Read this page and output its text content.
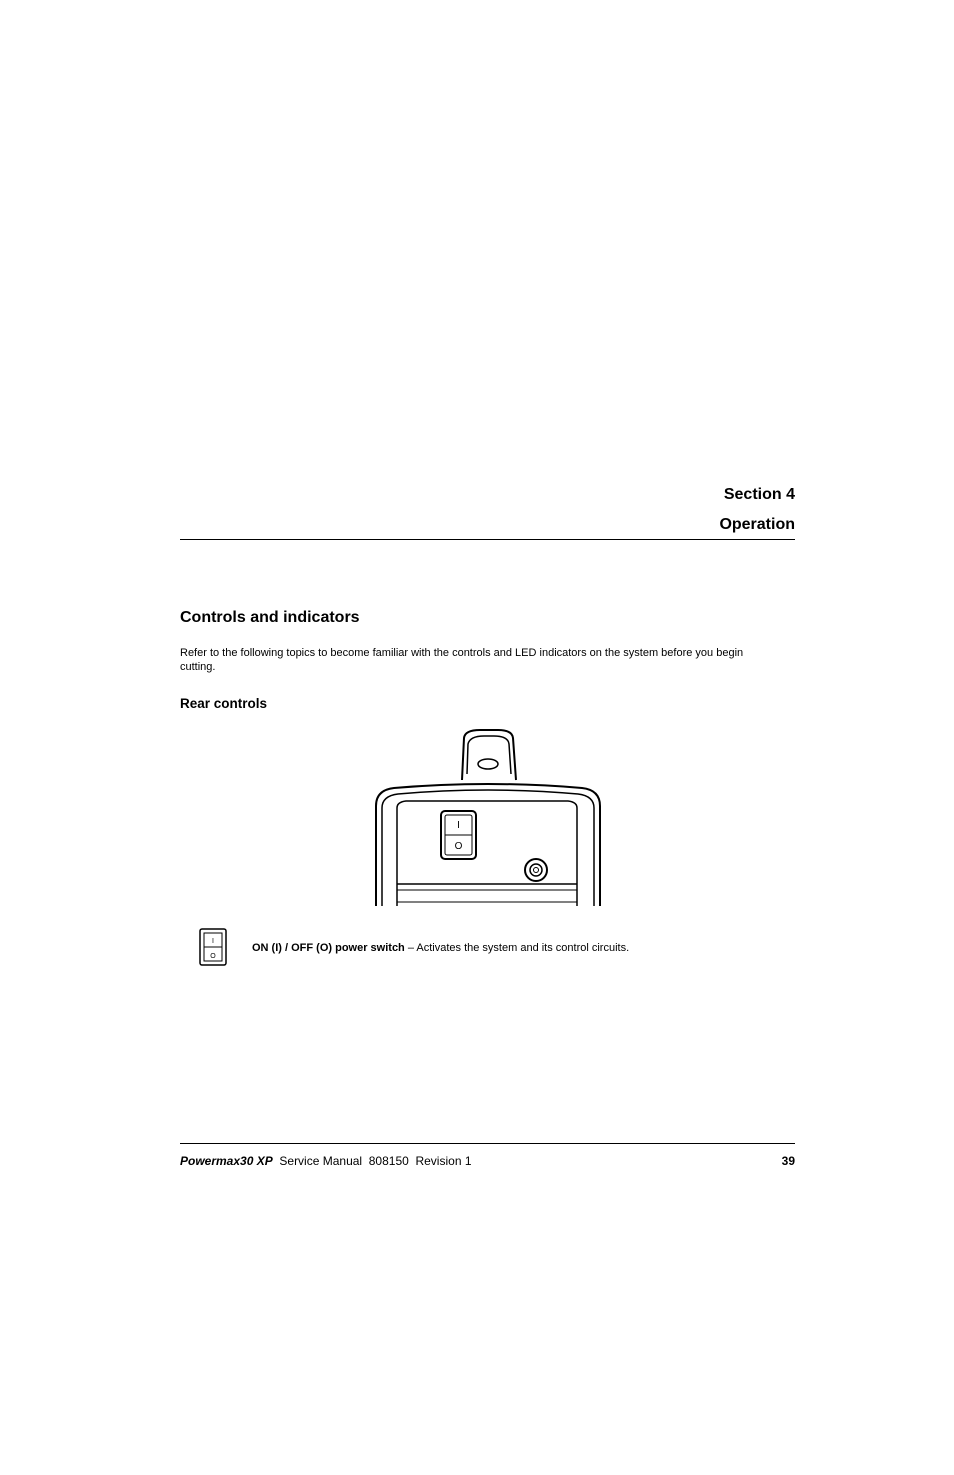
Section 4
Operation
Controls and indicators
Refer to the following topics to become familiar with the controls and LED indicators on the system before you begin cutting.
Rear controls
I
O
I
O
ON (I) / OFF (O) power switch – Activates the system and its control circuits.
Powermax30 XP  Service Manual  808150  Revision 1	39
